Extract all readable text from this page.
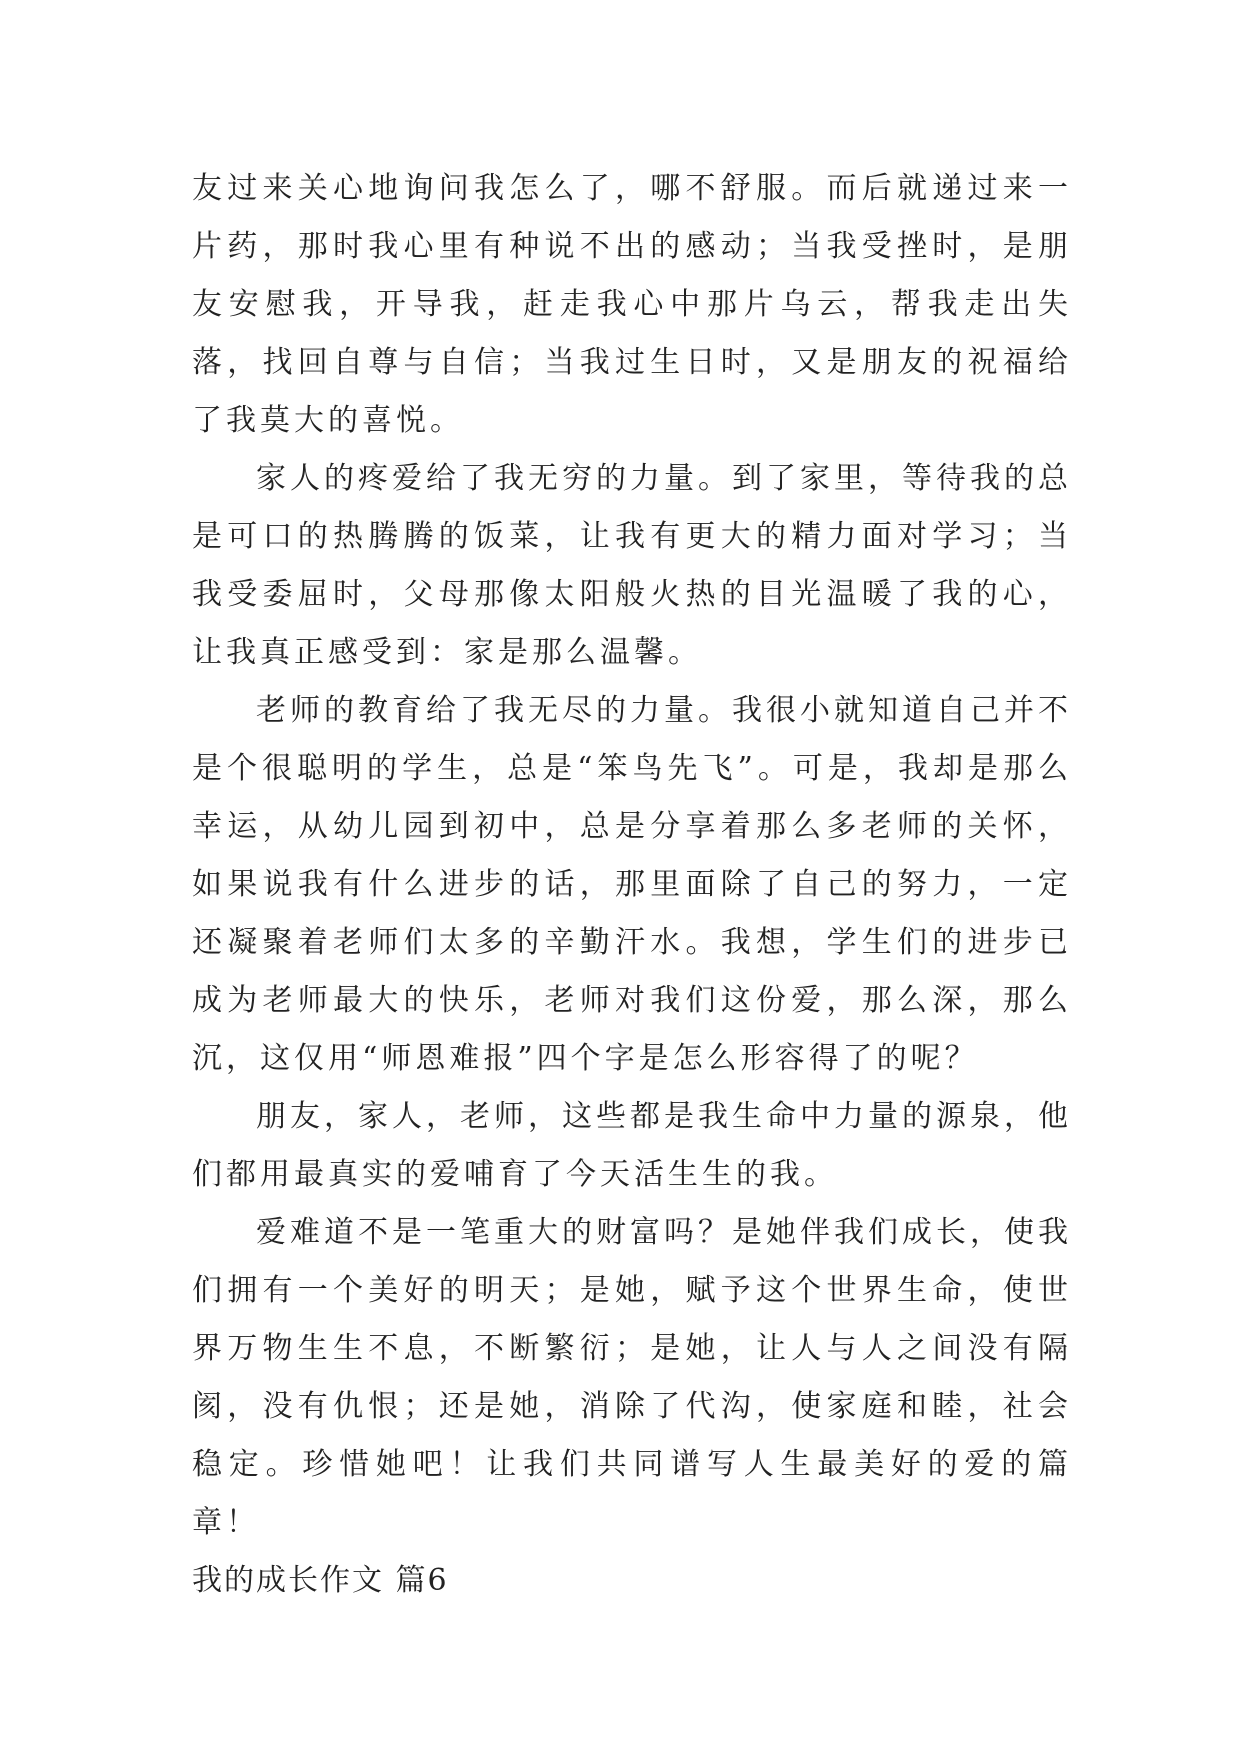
友过来关心地询问我怎么了，哪不舒服。而后就递过来一片药，那时我心里有种说不出的感动；当我受挫时，是朋友安慰我，开导我，赶走我心中那片乌云，帮我走出失落，找回自尊与自信；当我过生日时，又是朋友的祝福给了我莫大的喜悦。

家人的疼爱给了我无穷的力量。到了家里，等待我的总是可口的热腾腾的饭菜，让我有更大的精力面对学习；当我受委屈时，父母那像太阳般火热的目光温暖了我的心，让我真正感受到：家是那么温馨。

老师的教育给了我无尽的力量。我很小就知道自己并不是个很聪明的学生，总是“笨鸟先飞”。可是，我却是那么幸运，从幼儿园到初中，总是分享着那么多老师的关怀，如果说我有什么进步的话，那里面除了自己的努力，一定还凝聚着老师们太多的辛勤汗水。我想，学生们的进步已成为老师最大的快乐，老师对我们这份爱，那么深，那么沉，这仅用“师恩难报”四个字是怎么形容得了的呢？

朋友，家人，老师，这些都是我生命中力量的源泉，他们都用最真实的爱哺育了今天活生生的我。

爱难道不是一笔重大的财富吗？是她伴我们成长，使我们拥有一个美好的明天；是她，赋予这个世界生命，使世界万物生生不息，不断繁衍；是她，让人与人之间没有隔阂，没有仇恨；还是她，消除了代沟，使家庭和睦，社会稳定。珍惜她吧！让我们共同谱写人生最美好的爱的篇章！

我的成长作文 篇6
